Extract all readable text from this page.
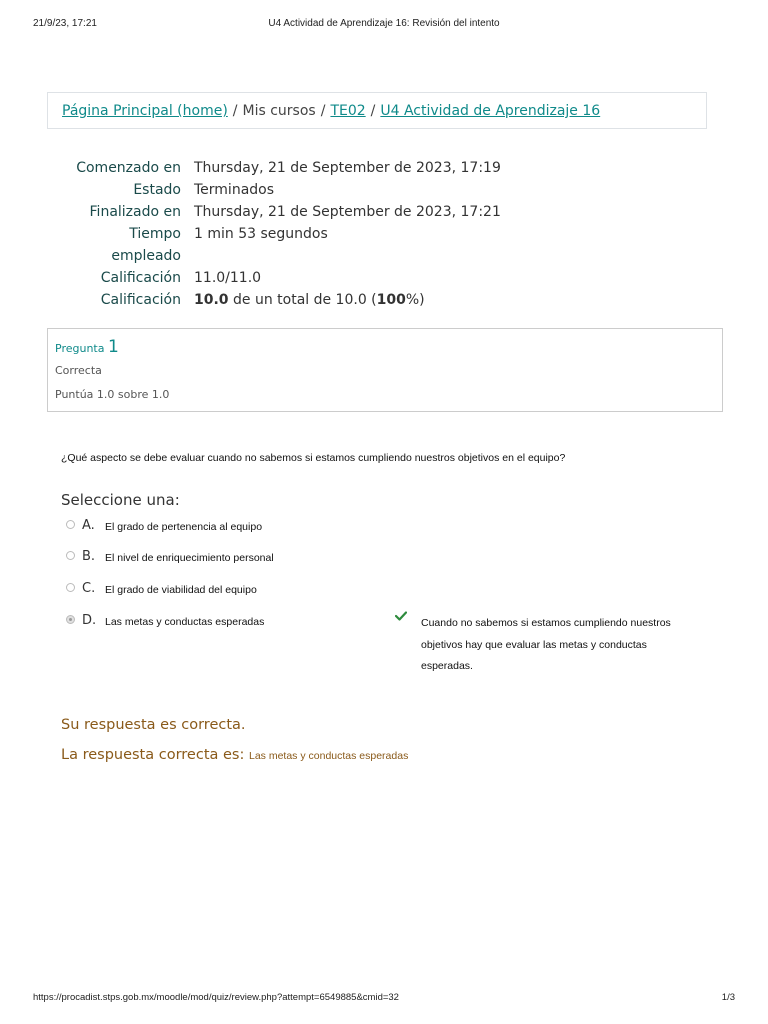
21/9/23, 17:21	U4 Actividad de Aprendizaje 16: Revisión del intento
Página Principal (home) / Mis cursos / TE02 / U4 Actividad de Aprendizaje 16
Comenzado en Thursday, 21 de September de 2023, 17:19
Estado Terminados
Finalizado en Thursday, 21 de September de 2023, 17:21
Tiempo
empleado
1 min 53 segundos
Calificación 11.0/11.0
Calificación 10.0 de un total de 10.0 (100%)
Pregunta 1
Correcta
Puntúa 1.0 sobre 1.0
¿Qué aspecto se debe evaluar cuando no sabemos si estamos cumpliendo nuestros objetivos en el equipo?
Seleccione una:
A. El grado de pertenencia al equipo
B. El nivel de enriquecimiento personal
C. El grado de viabilidad del equipo
D. Las metas y conductas esperadas	Cuando no sabemos si estamos cumpliendo nuestros
objetivos hay que evaluar las metas y conductas
esperadas.
Su respuesta es correcta.
La respuesta correcta es: Las metas y conductas esperadas
https://procadist.stps.gob.mx/moodle/mod/quiz/review.php?attempt=6549885&cmid=32	1/3
